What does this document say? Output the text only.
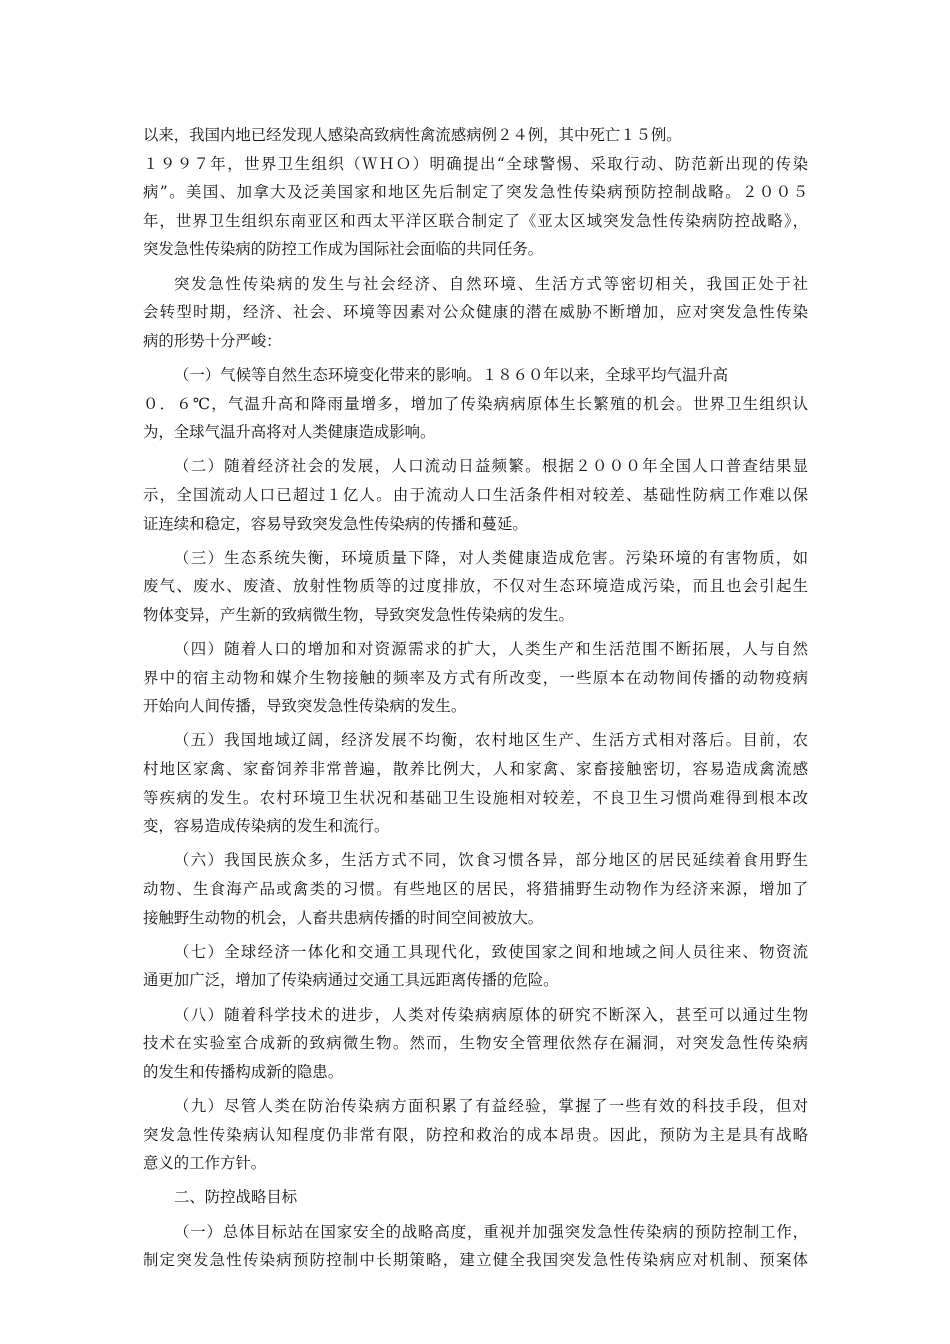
以来，我国内地已经发现人感染高致病性禽流感病例２４例，其中死亡１５例。
１９９７年，世界卫生组织（ＷＨＯ）明确提出“全球警惕、采取行动、防范新出现的传染
病”。美国、加拿大及泛美国家和地区先后制定了突发急性传染病预防控制战略。２００５
年，世界卫生组织东南亚区和西太平洋区联合制定了《亚太区域突发急性传染病防控战略》，
突发急性传染病的防控工作成为国际社会面临的共同任务。
突发急性传染病的发生与社会经济、自然环境、生活方式等密切相关，我国正处于社
会转型时期，经济、社会、环境等因素对公众健康的潜在威胁不断增加，应对突发急性传染
病的形势十分严峻：
（一）气候等自然生态环境变化带来的影响。１８６０年以来，全球平均气温升高
０．６℃，气温升高和降雨量增多，增加了传染病病原体生长繁殖的机会。世界卫生组织认
为，全球气温升高将对人类健康造成影响。
（二）随着经济社会的发展，人口流动日益频繁。根据２０００年全国人口普查结果显
示，全国流动人口已超过１亿人。由于流动人口生活条件相对较差、基础性防病工作难以保
证连续和稳定，容易导致突发急性传染病的传播和蔓延。
（三）生态系统失衡，环境质量下降，对人类健康造成危害。污染环境的有害物质，如
废气、废水、废渣、放射性物质等的过度排放，不仅对生态环境造成污染，而且也会引起生
物体变异，产生新的致病微生物，导致突发急性传染病的发生。
（四）随着人口的增加和对资源需求的扩大，人类生产和生活范围不断拓展，人与自然
界中的宿主动物和媒介生物接触的频率及方式有所改变，一些原本在动物间传播的动物疫病
开始向人间传播，导致突发急性传染病的发生。
（五）我国地域辽阔，经济发展不均衡，农村地区生产、生活方式相对落后。目前，农
村地区家禽、家畜饲养非常普遍，散养比例大，人和家禽、家畜接触密切，容易造成禽流感
等疾病的发生。农村环境卫生状况和基础卫生设施相对较差，不良卫生习惯尚难得到根本改
变，容易造成传染病的发生和流行。
（六）我国民族众多，生活方式不同，饮食习惯各异，部分地区的居民延续着食用野生
动物、生食海产品或禽类的习惯。有些地区的居民，将猎捕野生动物作为经济来源，增加了
接触野生动物的机会，人畜共患病传播的时间空间被放大。
（七）全球经济一体化和交通工具现代化，致使国家之间和地域之间人员往来、物资流
通更加广泛，增加了传染病通过交通工具远距离传播的危险。
（八）随着科学技术的进步，人类对传染病病原体的研究不断深入，甚至可以通过生物
技术在实验室合成新的致病微生物。然而，生物安全管理依然存在漏洞，对突发急性传染病
的发生和传播构成新的隐患。
（九）尽管人类在防治传染病方面积累了有益经验，掌握了一些有效的科技手段，但对
突发急性传染病认知程度仍非常有限，防控和救治的成本昂贵。因此，预防为主是具有战略
意义的工作方针。
二、防控战略目标
（一）总体目标站在国家安全的战略高度，重视并加强突发急性传染病的预防控制工作，
制定突发急性传染病预防控制中长期策略，建立健全我国突发急性传染病应对机制、预案体
